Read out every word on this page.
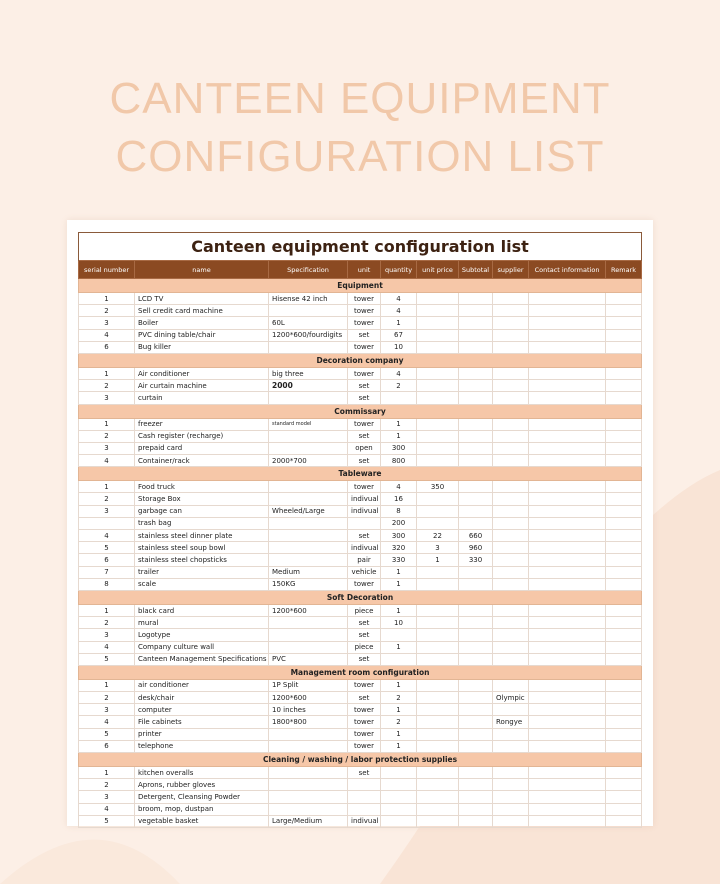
CANTEEN EQUIPMENT
CONFIGURATION LIST
Canteen equipment configuration list									
serial number	name	Specification	unit	quantity	unit price	Subtotal	supplier	Contact information	Remark
Equipment									
1	LCD TV	Hisense 42 inch	tower	4					
2	Sell credit card machine		tower	4					
3	Boiler	60L	tower	1					
4	PVC dining table/chair	1200*600/fourdigits	set	67					
6	Bug killer		tower	10					
Decoration company									
1	Air conditioner	big three	tower	4					
2	Air curtain machine	2000	set	2					
3	curtain		set						
Commissary									
1	freezer	standard model	tower	1					
2	Cash register (recharge)		set	1					
3	prepaid card		open	300					
4	Container/rack	2000*700	set	800					
Tableware									
1	Food truck		tower	4	350				
2	Storage Box		indivual	16					
3	garbage can	Wheeled/Large	indivual	8					
	trash bag			200					
4	stainless steel dinner plate		set	300	22	660			
5	stainless steel soup bowl		indivual	320	3	960			
6	stainless steel chopsticks		pair	330	1	330			
7	trailer	Medium	vehicle	1					
8	scale	150KG	tower	1					
Soft Decoration									
1	black card	1200*600	piece	1					
2	mural		set	10					
3	Logotype		set						
4	Company culture wall		piece	1					
5	Canteen Management Specifications	PVC	set						
Management room configuration									
1	air conditioner	1P Split	tower	1					
2	desk/chair	1200*600	set	2			Olympic		
3	computer	10 inches	tower	1					
4	File cabinets	1800*800	tower	2			Rongye		
5	printer		tower	1					
6	telephone		tower	1					
Cleaning / washing / labor protection supplies									
1	kitchen overalls		set						
2	Aprons, rubber gloves								
3	Detergent, Cleansing Powder								
4	broom, mop, dustpan								
5	vegetable basket	Large/Medium	indivual						
